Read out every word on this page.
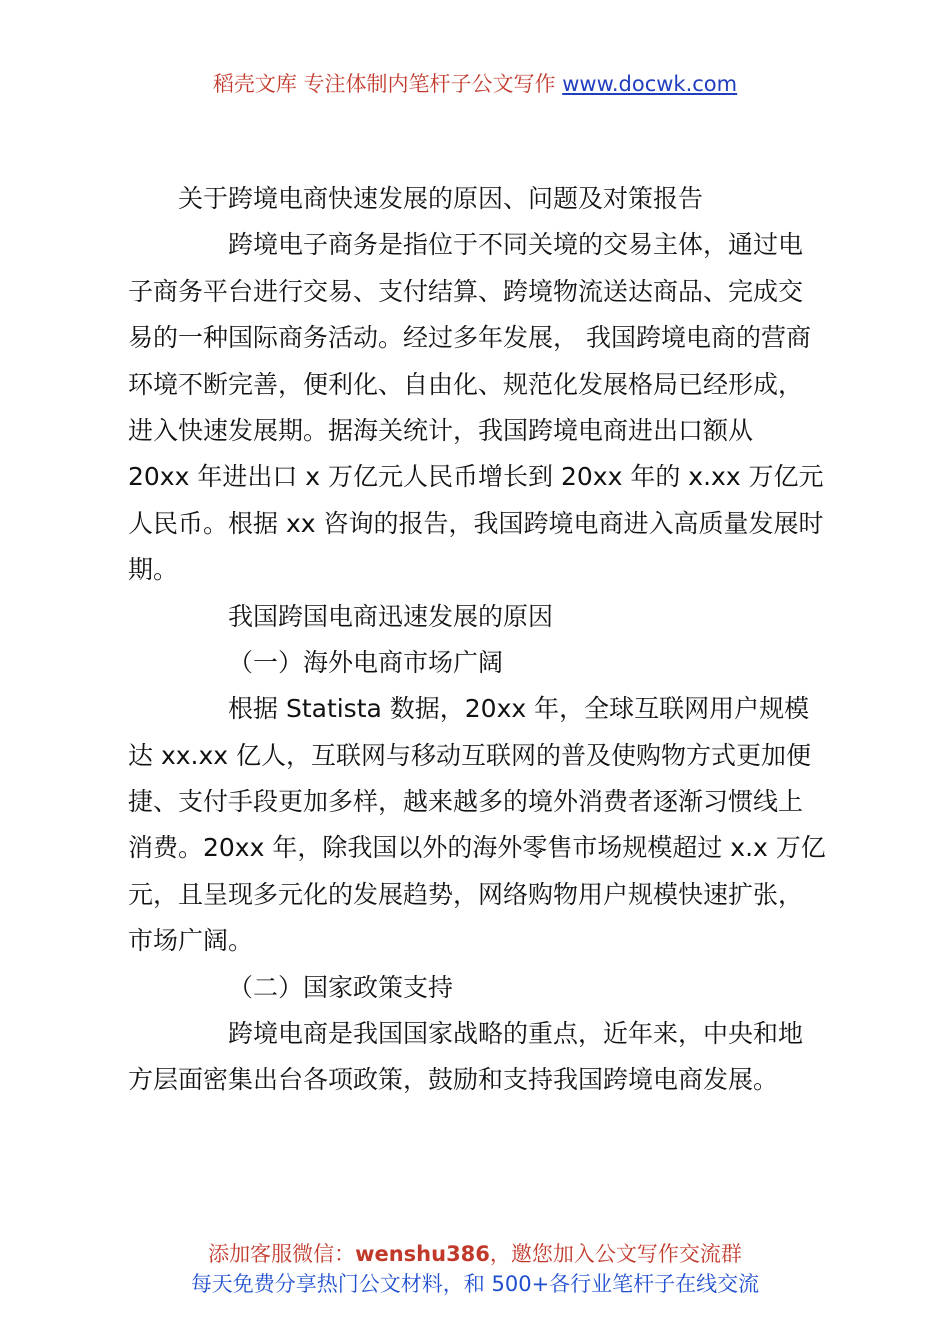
稻壳文库 专注体制内笔杆子公文写作 www.docwk.com
关于跨境电商快速发展的原因、问题及对策报告
跨境电子商务是指位于不同关境的交易主体，通过电
子商务平台进行交易、支付结算、跨境物流送达商品、完成交
易的一种国际商务活动。经过多年发展， 我国跨境电商的营商
环境不断完善，便利化、自由化、规范化发展格局已经形成，
进入快速发展期。据海关统计，我国跨境电商进出口额从
20xx 年进出口 x 万亿元人民币增长到 20xx 年的 x.xx 万亿元
人民币。根据 xx 咨询的报告，我国跨境电商进入高质量发展时
期。
我国跨国电商迅速发展的原因
（一）海外电商市场广阔
根据 Statista 数据，20xx 年，全球互联网用户规模
达 xx.xx 亿人，互联网与移动互联网的普及使购物方式更加便
捷、支付手段更加多样，越来越多的境外消费者逐渐习惯线上
消费。20xx 年，除我国以外的海外零售市场规模超过 x.x 万亿
元，且呈现多元化的发展趋势，网络购物用户规模快速扩张，
市场广阔。
（二）国家政策支持
跨境电商是我国国家战略的重点，近年来，中央和地
方层面密集出台各项政策，鼓励和支持我国跨境电商发展。
添加客服微信：wenshu386，邀您加入公文写作交流群
每天免费分享热门公文材料，和 500+各行业笔杆子在线交流
